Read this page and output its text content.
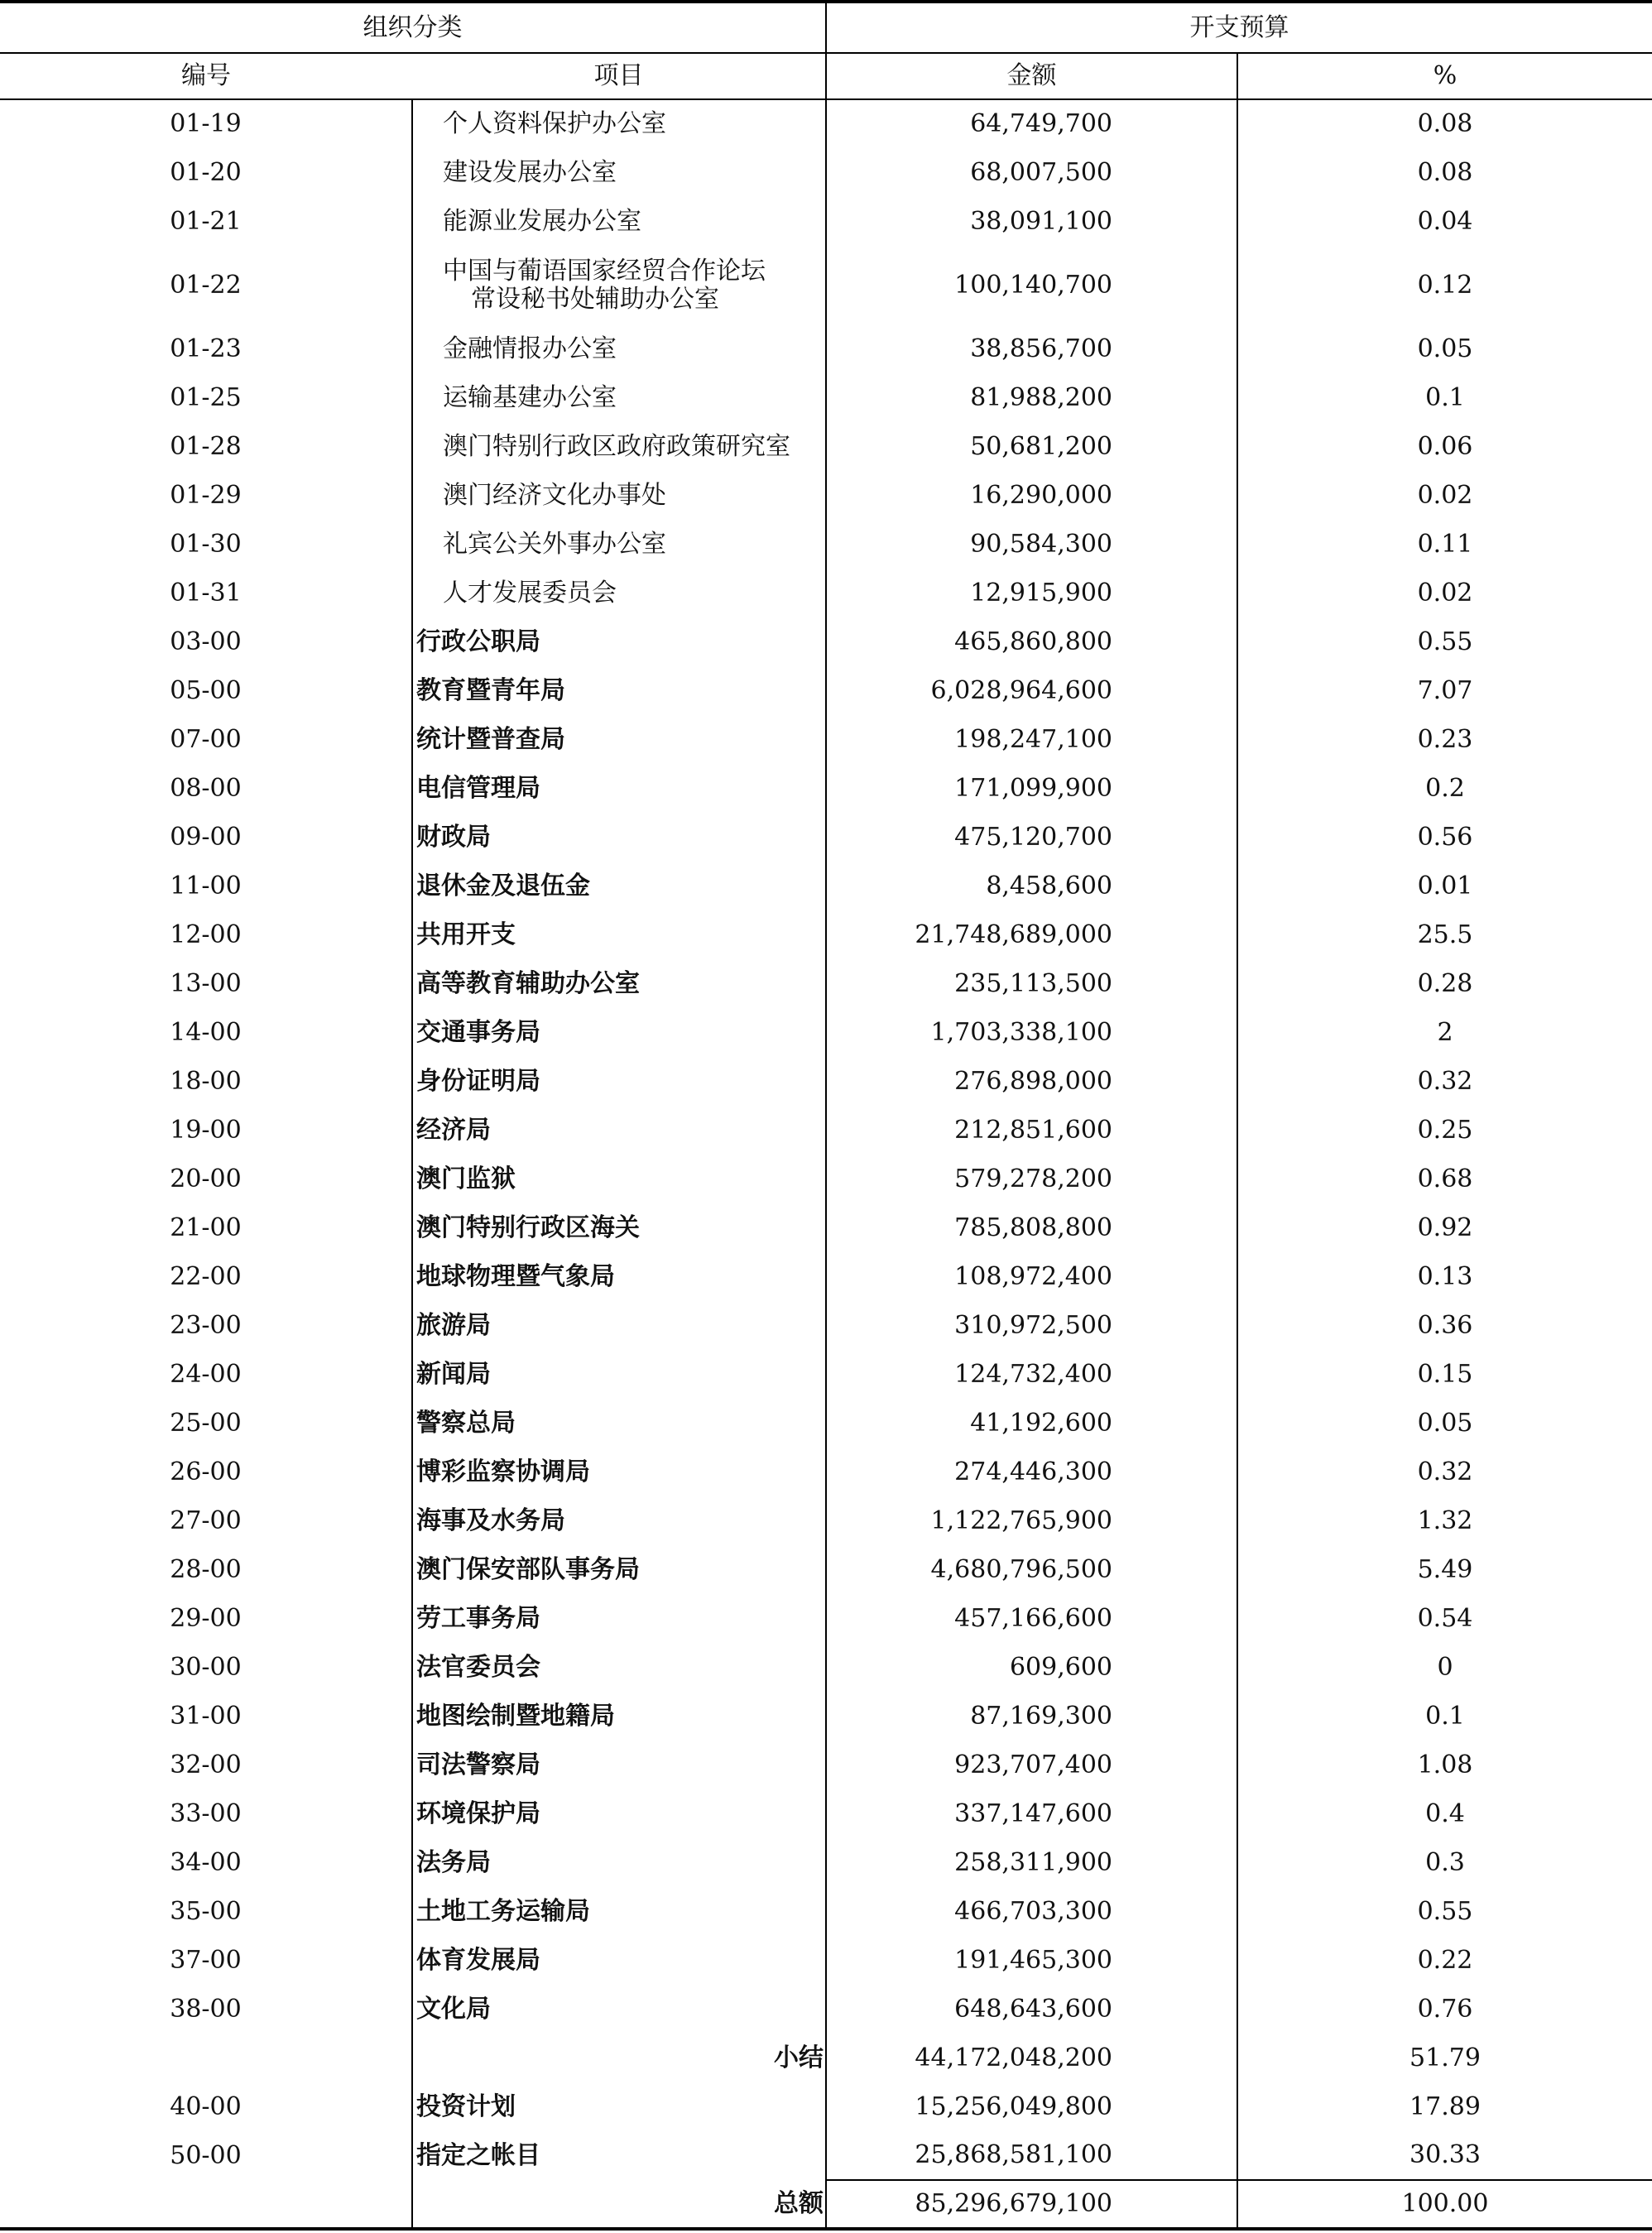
组织分类		开支预算	
编号	项目	金额	%
01-19	个人资料保护办公室	64,749,700	0.08
01-20	建设发展办公室	68,007,500	0.08
01-21	能源业发展办公室	38,091,100	0.04
01-22	中国与葡语国家经贸合作论坛
常设秘书处辅助办公室	100,140,700	0.12
01-23	金融情报办公室	38,856,700	0.05
01-25	运输基建办公室	81,988,200	0.1
01-28	澳门特别行政区政府政策研究室	50,681,200	0.06
01-29	澳门经济文化办事处	16,290,000	0.02
01-30	礼宾公关外事办公室	90,584,300	0.11
01-31	人才发展委员会	12,915,900	0.02
03-00	行政公职局	465,860,800	0.55
05-00	教育暨青年局	6,028,964,600	7.07
07-00	统计暨普查局	198,247,100	0.23
08-00	电信管理局	171,099,900	0.2
09-00	财政局	475,120,700	0.56
11-00	退休金及退伍金	8,458,600	0.01
12-00	共用开支	21,748,689,000	25.5
13-00	高等教育辅助办公室	235,113,500	0.28
14-00	交通事务局	1,703,338,100	2
18-00	身份证明局	276,898,000	0.32
19-00	经济局	212,851,600	0.25
20-00	澳门监狱	579,278,200	0.68
21-00	澳门特别行政区海关	785,808,800	0.92
22-00	地球物理暨气象局	108,972,400	0.13
23-00	旅游局	310,972,500	0.36
24-00	新闻局	124,732,400	0.15
25-00	警察总局	41,192,600	0.05
26-00	博彩监察协调局	274,446,300	0.32
27-00	海事及水务局	1,122,765,900	1.32
28-00	澳门保安部队事务局	4,680,796,500	5.49
29-00	劳工事务局	457,166,600	0.54
30-00	法官委员会	609,600	0
31-00	地图绘制暨地籍局	87,169,300	0.1
32-00	司法警察局	923,707,400	1.08
33-00	环境保护局	337,147,600	0.4
34-00	法务局	258,311,900	0.3
35-00	土地工务运输局	466,703,300	0.55
37-00	体育发展局	191,465,300	0.22
38-00	文化局	648,643,600	0.76

	小结	44,172,048,200	51.79
40-00	投资计划	15,256,049,800	17.89
50-00	指定之帐目	25,868,581,100	30.33

	总额	85,296,679,100	100.00
